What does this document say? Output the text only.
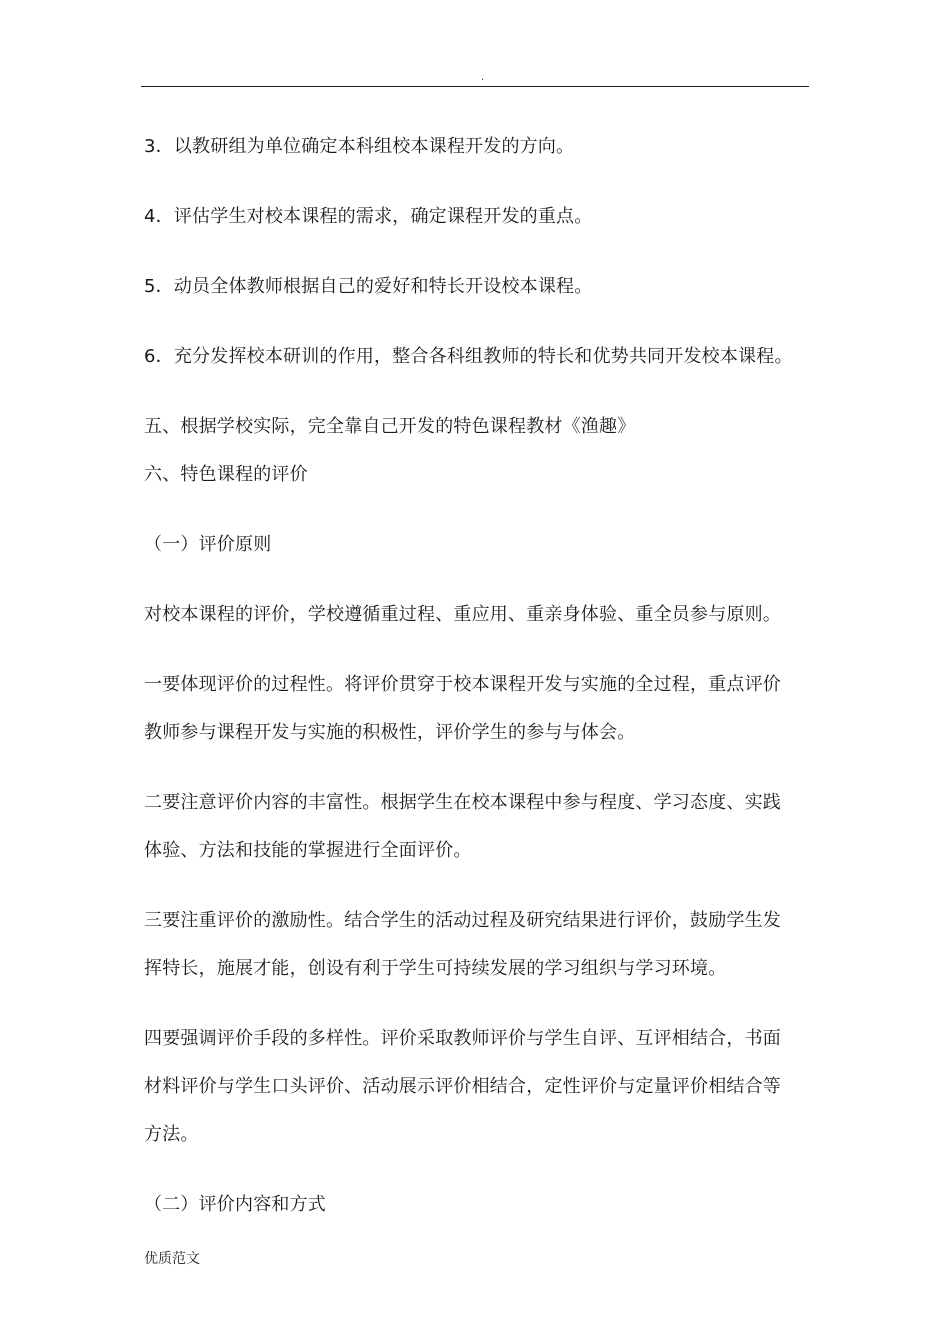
.
3．以教研组为单位确定本科组校本课程开发的方向。
4．评估学生对校本课程的需求，确定课程开发的重点。
5．动员全体教师根据自己的爱好和特长开设校本课程。
6．充分发挥校本研训的作用，整合各科组教师的特长和优势共同开发校本课程。
五、根据学校实际，完全靠自己开发的特色课程教材《渔趣》
六、特色课程的评价
（一）评价原则
对校本课程的评价，学校遵循重过程、重应用、重亲身体验、重全员参与原则。
一要体现评价的过程性。将评价贯穿于校本课程开发与实施的全过程，重点评价
教师参与课程开发与实施的积极性，评价学生的参与与体会。
二要注意评价内容的丰富性。根据学生在校本课程中参与程度、学习态度、实践
体验、方法和技能的掌握进行全面评价。
三要注重评价的激励性。结合学生的活动过程及研究结果进行评价，鼓励学生发
挥特长，施展才能，创设有利于学生可持续发展的学习组织与学习环境。
四要强调评价手段的多样性。评价采取教师评价与学生自评、互评相结合，书面
材料评价与学生口头评价、活动展示评价相结合，定性评价与定量评价相结合等
方法。
（二）评价内容和方式
优质范文
